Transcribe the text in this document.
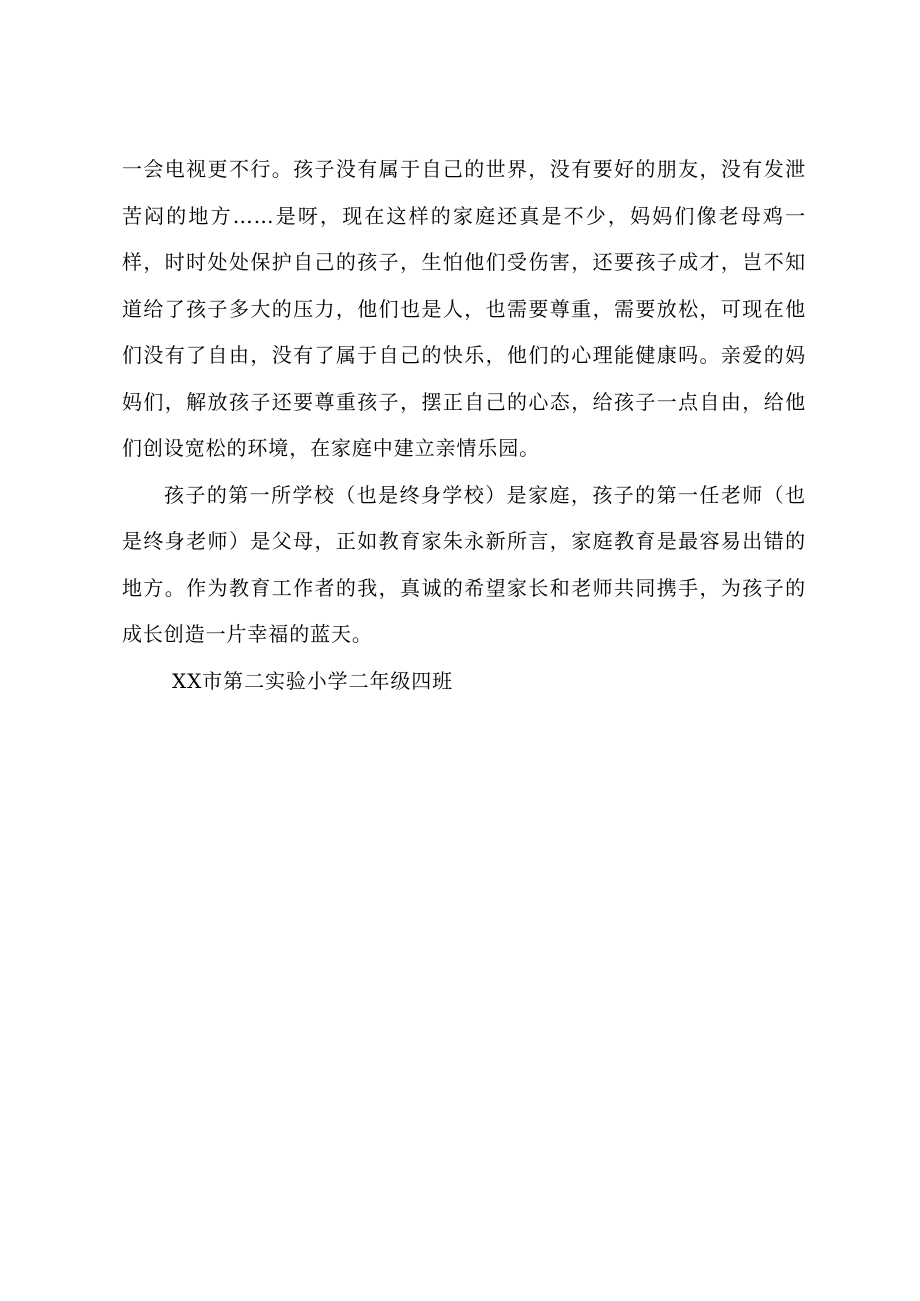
一会电视更不行。孩子没有属于自己的世界，没有要好的朋友，没有发泄苦闷的地方……是呀，现在这样的家庭还真是不少，妈妈们像老母鸡一样，时时处处保护自己的孩子，生怕他们受伤害，还要孩子成才，岂不知道给了孩子多大的压力，他们也是人，也需要尊重，需要放松，可现在他们没有了自由，没有了属于自己的快乐，他们的心理能健康吗。亲爱的妈妈们，解放孩子还要尊重孩子，摆正自己的心态，给孩子一点自由，给他们创设宽松的环境，在家庭中建立亲情乐园。

孩子的第一所学校（也是终身学校）是家庭，孩子的第一任老师（也是终身老师）是父母，正如教育家朱永新所言，家庭教育是最容易出错的地方。作为教育工作者的我，真诚的希望家长和老师共同携手，为孩子的成长创造一片幸福的蓝天。

XX市第二实验小学二年级四班
